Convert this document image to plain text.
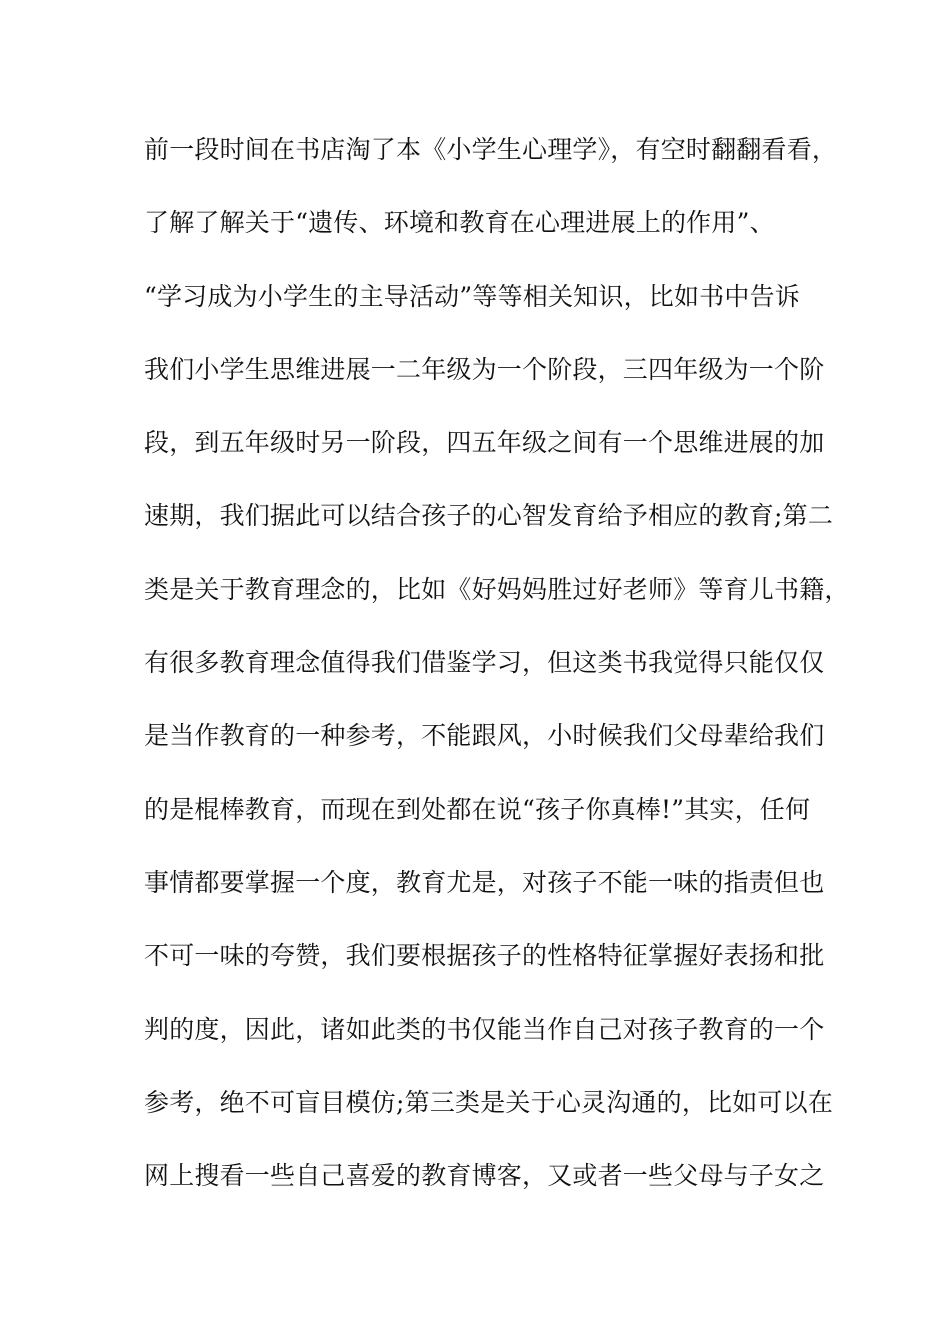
前一段时间在书店淘了本《小学生心理学》，有空时翻翻看看，
了解了解关于“遗传、环境和教育在心理进展上的作用”、
“学习成为小学生的主导活动”等等相关知识，比如书中告诉
我们小学生思维进展一二年级为一个阶段，三四年级为一个阶
段，到五年级时另一阶段，四五年级之间有一个思维进展的加
速期，我们据此可以结合孩子的心智发育给予相应的教育;第二
类是关于教育理念的，比如《好妈妈胜过好老师》等育儿书籍，
有很多教育理念值得我们借鉴学习，但这类书我觉得只能仅仅
是当作教育的一种参考，不能跟风，小时候我们父母辈给我们
的是棍棒教育，而现在到处都在说“孩子你真棒!”其实，任何
事情都要掌握一个度，教育尤是，对孩子不能一味的指责但也
不可一味的夸赞，我们要根据孩子的性格特征掌握好表扬和批
判的度，因此，诸如此类的书仅能当作自己对孩子教育的一个
参考，绝不可盲目模仿;第三类是关于心灵沟通的，比如可以在
网上搜看一些自己喜爱的教育博客，又或者一些父母与子女之
